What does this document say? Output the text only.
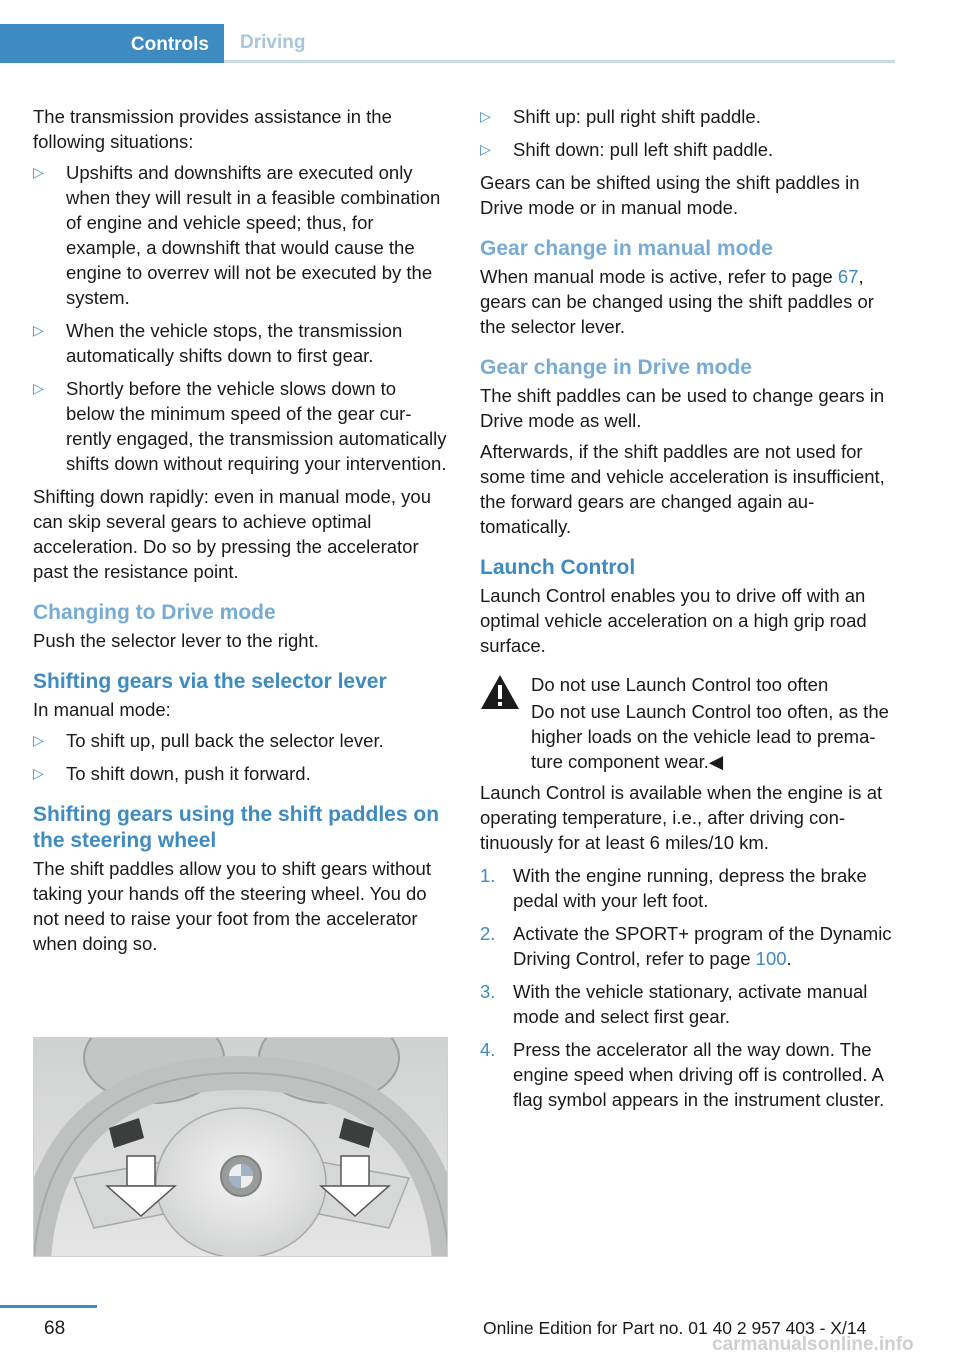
Controls	Driving

The transmission provides assistance in the following situations:

▷ Upshifts and downshifts are executed only when they will result in a feasible combination of engine and vehicle speed; thus, for example, a downshift that would cause the engine to overrev will not be executed by the system.
▷ When the vehicle stops, the transmission automatically shifts down to first gear.
▷ Shortly before the vehicle slows down to below the minimum speed of the gear currently engaged, the transmission automatically shifts down without requiring your intervention.

Shifting down rapidly: even in manual mode, you can skip several gears to achieve optimal acceleration. Do so by pressing the accelerator past the resistance point.

Changing to Drive mode

Push the selector lever to the right.

Shifting gears via the selector lever

In manual mode:

▷ To shift up, pull back the selector lever.
▷ To shift down, push it forward.
Shifting gears using the shift paddles on the steering wheel

The shift paddles allow you to shift gears without taking your hands off the steering wheel. You do not need to raise your foot from the accelerator when doing so.

▷ Shift up: pull right shift paddle.
▷ Shift down: pull left shift paddle.

Gears can be shifted using the shift paddles in Drive mode or in manual mode.

Gear change in manual mode

When manual mode is active, refer to page 67, gears can be changed using the shift paddles or the selector lever.

Gear change in Drive mode

The shift paddles can be used to change gears in Drive mode as well.

Afterwards, if the shift paddles are not used for some time and vehicle acceleration is insufficient, the forward gears are changed again automatically.

Launch Control

Launch Control enables you to drive off with an optimal vehicle acceleration on a high grip road surface.

Do not use Launch Control too often

Do not use Launch Control too often, as the higher loads on the vehicle lead to premature component wear.◀

Launch Control is available when the engine is at operating temperature, i.e., after driving continuously for at least 6 miles/10 km.

1. With the engine running, depress the brake pedal with your left foot.
2. Activate the SPORT+ program of the Dynamic Driving Control, refer to page 100.
3. With the vehicle stationary, activate manual mode and select first gear.
4. Press the accelerator all the way down. The engine speed when driving off is controlled. A flag symbol appears in the instrument cluster.
68	Online Edition for Part no. 01 40 2 957 403 - X/14
carmanualsonline.info
